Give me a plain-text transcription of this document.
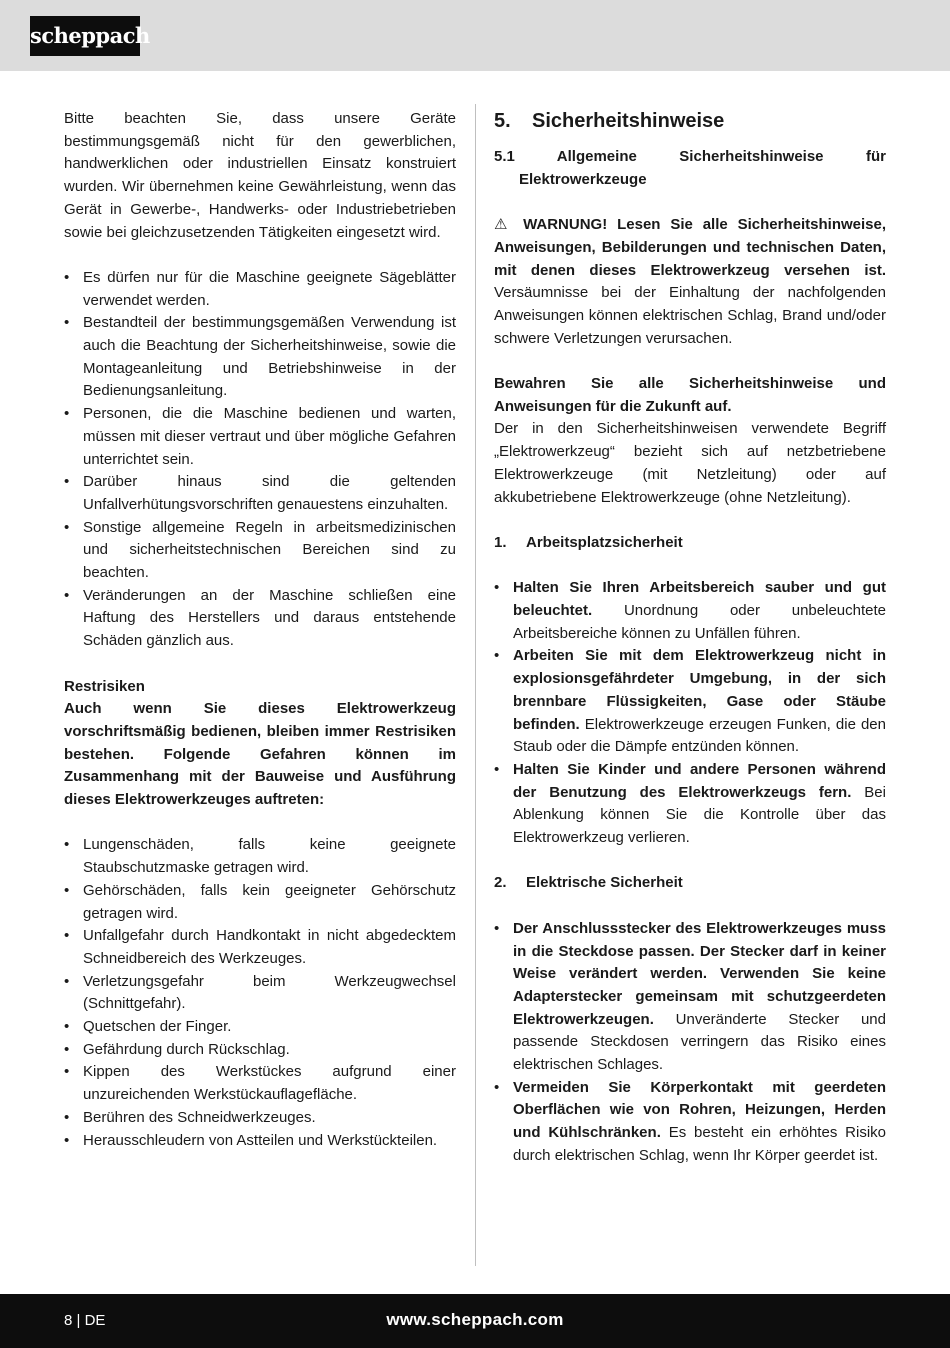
scheppach

Bitte beachten Sie, dass unsere Geräte bestimmungsgemäß nicht für den gewerblichen, handwerklichen oder industriellen Einsatz konstruiert wurden. Wir übernehmen keine Gewährleistung, wenn das Gerät in Gewerbe-, Handwerks- oder Industriebetrieben sowie bei gleichzusetzenden Tätigkeiten eingesetzt wird.

• Es dürfen nur für die Maschine geeignete Sägeblätter verwendet werden.
• Bestandteil der bestimmungsgemäßen Verwendung ist auch die Beachtung der Sicherheitshinweise, sowie die Montageanleitung und Betriebshinweise in der Bedienungsanleitung.
• Personen, die die Maschine bedienen und warten, müssen mit dieser vertraut und über mögliche Gefahren unterrichtet sein.
• Darüber hinaus sind die geltenden Unfallverhütungsvorschriften genauestens einzuhalten.
• Sonstige allgemeine Regeln in arbeitsmedizinischen und sicherheitstechnischen Bereichen sind zu beachten.
• Veränderungen an der Maschine schließen eine Haftung des Herstellers und daraus entstehende Schäden gänzlich aus.

Restrisiken

Auch wenn Sie dieses Elektrowerkzeug vorschriftsmäßig bedienen, bleiben immer Restrisiken bestehen. Folgende Gefahren können im Zusammenhang mit der Bauweise und Ausführung dieses Elektrowerkzeuges auftreten:

• Lungenschäden, falls keine geeignete Staubschutzmaske getragen wird.
• Gehörschäden, falls kein geeigneter Gehörschutz getragen wird.
• Unfallgefahr durch Handkontakt in nicht abgedecktem Schneidbereich des Werkzeuges.
• Verletzungsgefahr beim Werkzeugwechsel (Schnittgefahr).
• Quetschen der Finger.
• Gefährdung durch Rückschlag.
• Kippen des Werkstückes aufgrund einer unzureichenden Werkstückauflagefläche.
• Berühren des Schneidwerkzeuges.
• Herausschleudern von Astteilen und Werkstückteilen.
5. Sicherheitshinweise

5.1	Allgemeine Sicherheitshinweise für Elektrowerkzeuge

⚠ WARNUNG! Lesen Sie alle Sicherheitshinweise, Anweisungen, Bebilderungen und technischen Daten, mit denen dieses Elektrowerkzeug versehen ist. Versäumnisse bei der Einhaltung der nachfolgenden Anweisungen können elektrischen Schlag, Brand und/oder schwere Verletzungen verursachen.

Bewahren Sie alle Sicherheitshinweise und Anweisungen für die Zukunft auf.

Der in den Sicherheitshinweisen verwendete Begriff „Elektrowerkzeug“ bezieht sich auf netzbetriebene Elektrowerkzeuge (mit Netzleitung) oder auf akkubetriebene Elektrowerkzeuge (ohne Netzleitung).

1. Arbeitsplatzsicherheit

• Halten Sie Ihren Arbeitsbereich sauber und gut beleuchtet. Unordnung oder unbeleuchtete Arbeitsbereiche können zu Unfällen führen.
• Arbeiten Sie mit dem Elektrowerkzeug nicht in explosionsgefährdeter Umgebung, in der sich brennbare Flüssigkeiten, Gase oder Stäube befinden. Elektrowerkzeuge erzeugen Funken, die den Staub oder die Dämpfe entzünden können.
• Halten Sie Kinder und andere Personen während der Benutzung des Elektrowerkzeugs fern. Bei Ablenkung können Sie die Kontrolle über das Elektrowerkzeug verlieren.

2. Elektrische Sicherheit

• Der Anschlussstecker des Elektrowerkzeuges muss in die Steckdose passen. Der Stecker darf in keiner Weise verändert werden. Verwenden Sie keine Adapterstecker gemeinsam mit schutzgeerdeten Elektrowerkzeugen. Unveränderte Stecker und passende Steckdosen verringern das Risiko eines elektrischen Schlages.
• Vermeiden Sie Körperkontakt mit geerdeten Oberflächen wie von Rohren, Heizungen, Herden und Kühlschränken. Es besteht ein erhöhtes Risiko durch elektrischen Schlag, wenn Ihr Körper geerdet ist.
8 | DE	www.scheppach.com
